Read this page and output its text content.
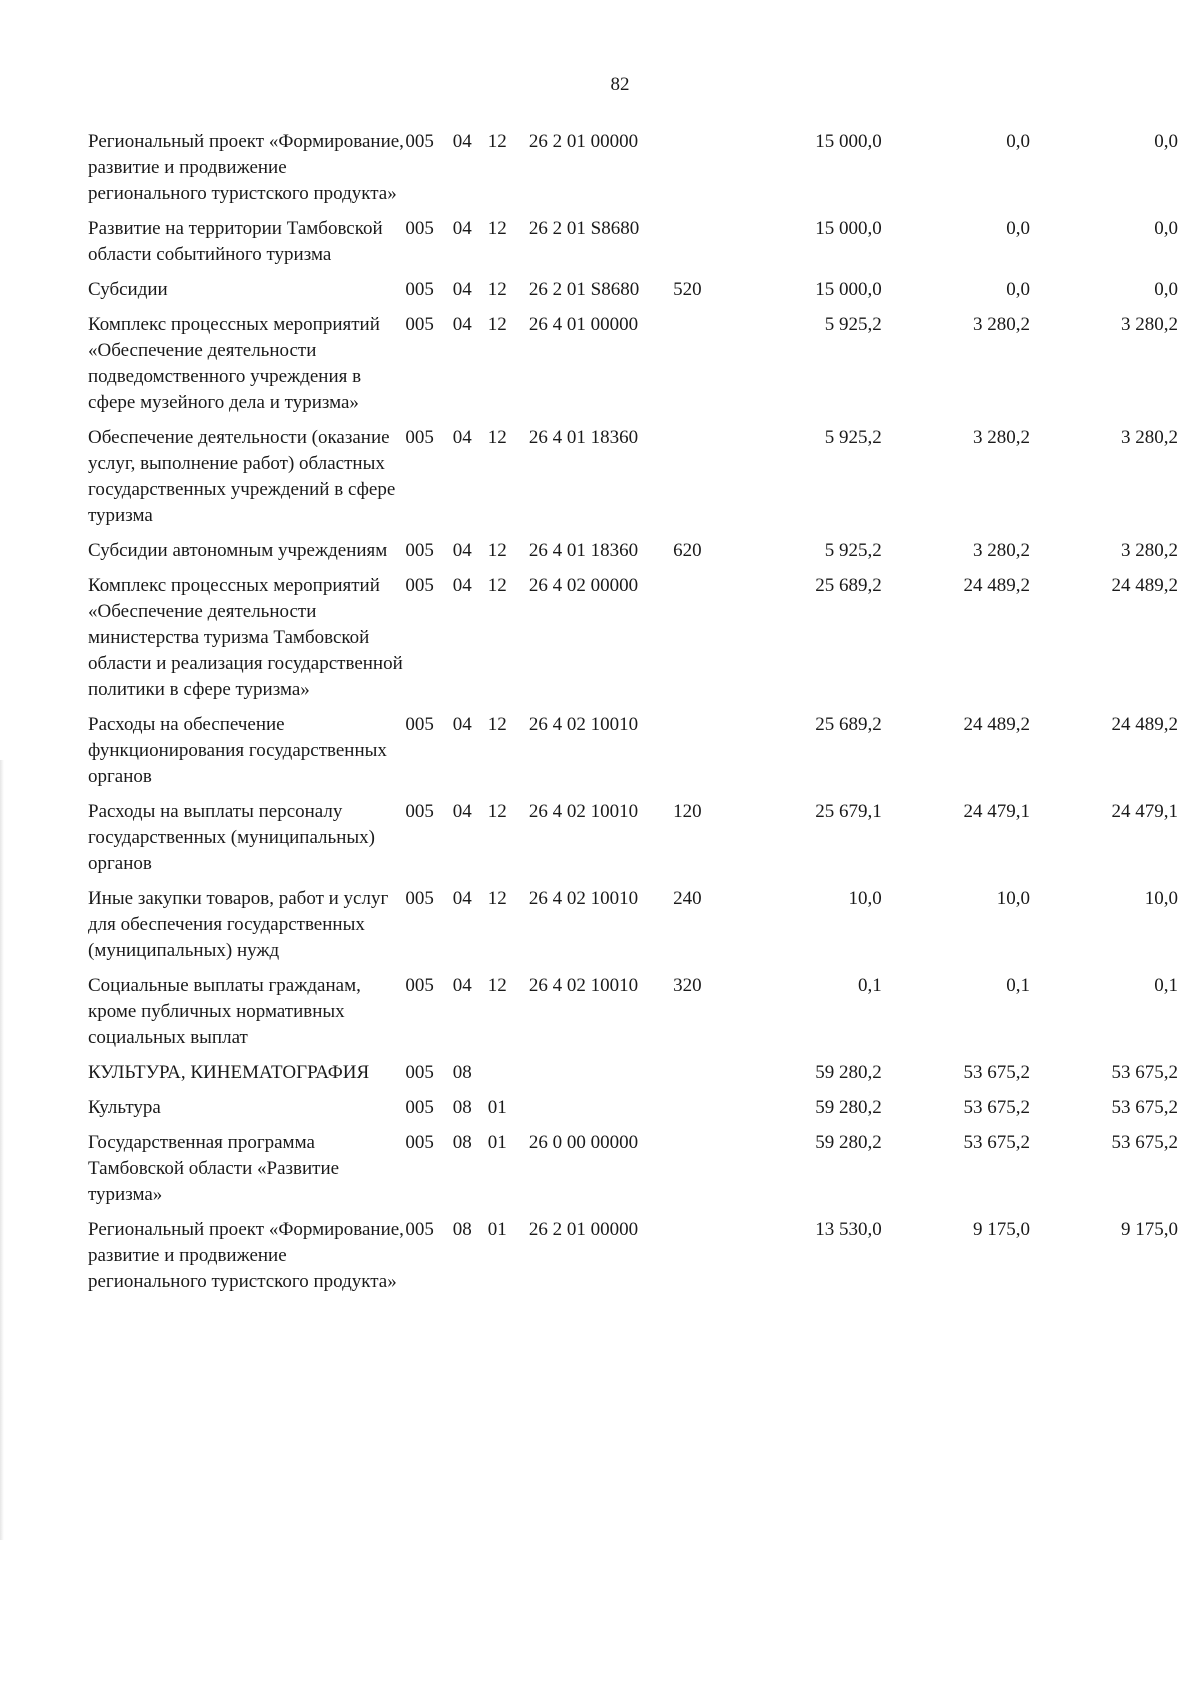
82
Региональный проект «Формирование, развитие и продвижение регионального туристского продукта»	005	04	12	26 2 01 00000		15 000,0	0,0	0,0
Развитие на территории Тамбовской области событийного туризма	005	04	12	26 2 01 S8680		15 000,0	0,0	0,0
Субсидии	005	04	12	26 2 01 S8680	520	15 000,0	0,0	0,0
Комплекс процессных мероприятий «Обеспечение деятельности подведомственного учреждения в сфере музейного дела и туризма»	005	04	12	26 4 01 00000		5 925,2	3 280,2	3 280,2
Обеспечение деятельности (оказание услуг, выполнение работ) областных государственных учреждений в сфере туризма	005	04	12	26 4 01 18360		5 925,2	3 280,2	3 280,2
Субсидии автономным учреждениям	005	04	12	26 4 01 18360	620	5 925,2	3 280,2	3 280,2
Комплекс процессных мероприятий «Обеспечение деятельности министерства туризма Тамбовской области и реализация государственной политики в сфере туризма»	005	04	12	26 4 02 00000		25 689,2	24 489,2	24 489,2
Расходы на обеспечение функционирования государственных органов	005	04	12	26 4 02 10010		25 689,2	24 489,2	24 489,2
Расходы на выплаты персоналу государственных (муниципальных) органов	005	04	12	26 4 02 10010	120	25 679,1	24 479,1	24 479,1
Иные закупки товаров, работ и услуг для обеспечения государственных (муниципальных) нужд	005	04	12	26 4 02 10010	240	10,0	10,0	10,0
Социальные выплаты гражданам, кроме публичных нормативных социальных выплат	005	04	12	26 4 02 10010	320	0,1	0,1	0,1
КУЛЬТУРА, КИНЕМАТОГРАФИЯ	005	08				59 280,2	53 675,2	53 675,2
Культура	005	08	01			59 280,2	53 675,2	53 675,2
Государственная программа Тамбовской области «Развитие туризма»	005	08	01	26 0 00 00000		59 280,2	53 675,2	53 675,2
Региональный проект «Формирование, развитие и продвижение регионального туристского продукта»	005	08	01	26 2 01 00000		13 530,0	9 175,0	9 175,0
